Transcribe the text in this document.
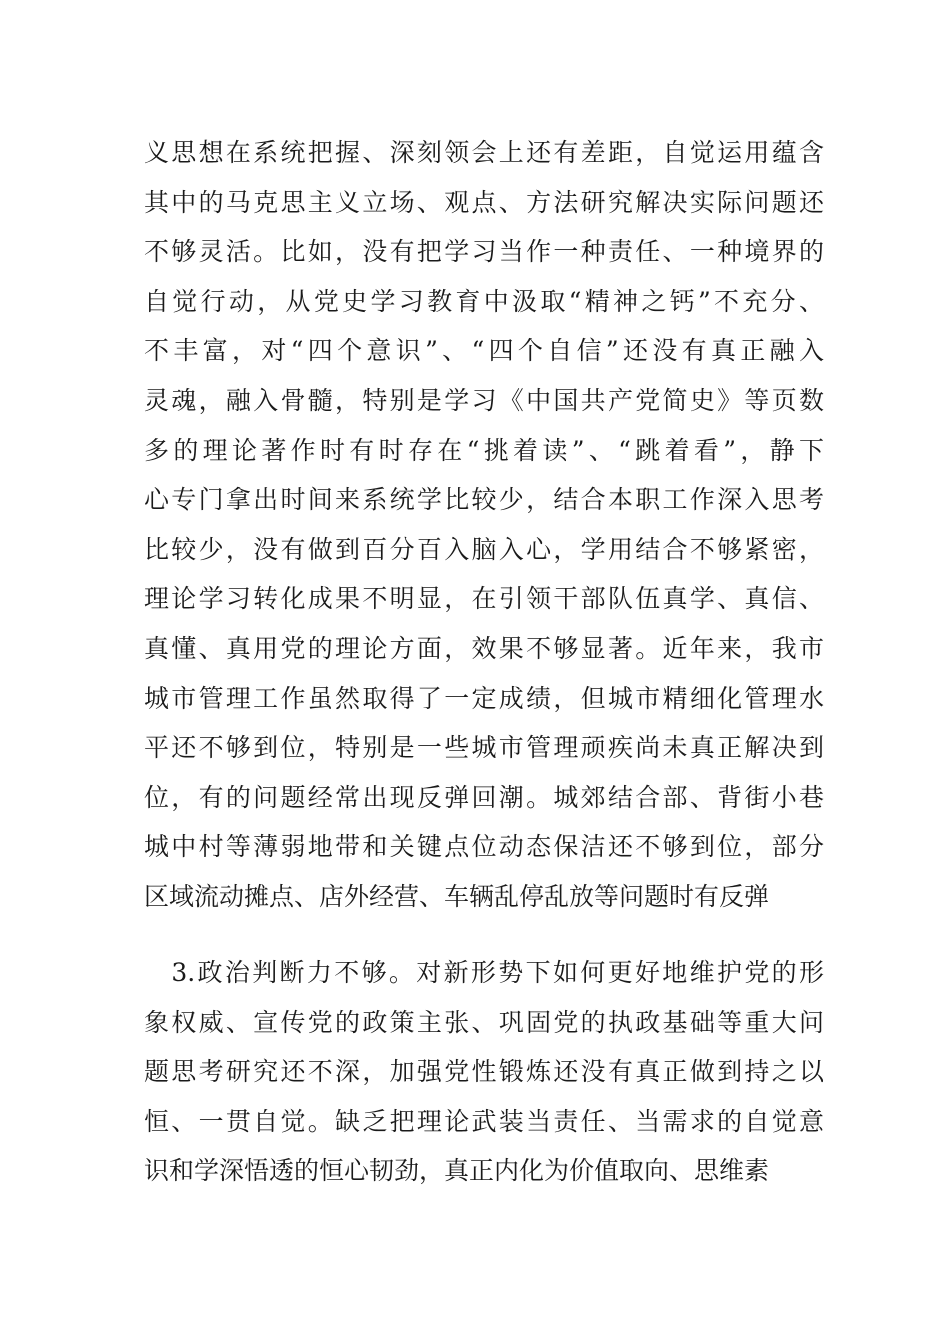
义思想在系统把握、深刻领会上还有差距，自觉运用蕴含
其中的马克思主义立场、观点、方法研究解决实际问题还
不够灵活。比如，没有把学习当作一种责任、一种境界的
自觉行动，从党史学习教育中汲取“精神之钙”不充分、
不丰富，对“四个意识”、“四个自信”还没有真正融入
灵魂，融入骨髓，特别是学习《中国共产党简史》等页数
多的理论著作时有时存在“挑着读”、“跳着看”，静下
心专门拿出时间来系统学比较少，结合本职工作深入思考
比较少，没有做到百分百入脑入心，学用结合不够紧密，
理论学习转化成果不明显，在引领干部队伍真学、真信、
真懂、真用党的理论方面，效果不够显著。近年来，我市
城市管理工作虽然取得了一定成绩，但城市精细化管理水
平还不够到位，特别是一些城市管理顽疾尚未真正解决到
位，有的问题经常出现反弹回潮。城郊结合部、背街小巷
城中村等薄弱地带和关键点位动态保洁还不够到位，部分
区域流动摊点、店外经营、车辆乱停乱放等问题时有反弹
　3.政治判断力不够。对新形势下如何更好地维护党的形
象权威、宣传党的政策主张、巩固党的执政基础等重大问
题思考研究还不深，加强党性锻炼还没有真正做到持之以
恒、一贯自觉。缺乏把理论武装当责任、当需求的自觉意
识和学深悟透的恒心韧劲，真正内化为价值取向、思维素
